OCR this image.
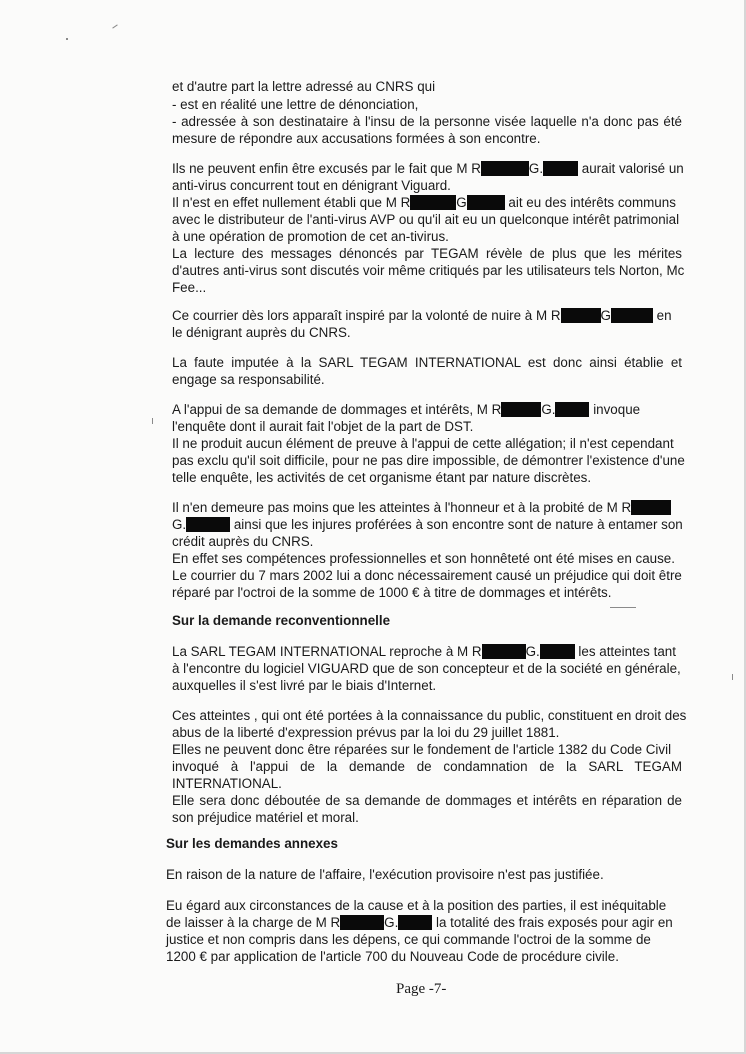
et d'autre part la lettre adressé au CNRS qui
- est en réalité une lettre de dénonciation,
- adressée à son destinataire à l'insu de la personne visée laquelle n'a donc pas été
mesure de répondre aux accusations formées à son encontre.
Ils ne peuvent enfin être excusés par le fait que M R	G.	aurait valorisé un
anti-virus concurrent tout en dénigrant Viguard.
Il n'est en effet nullement établi que M R	G	ait eu des intérêts communs
avec le distributeur de l'anti-virus AVP ou qu'il ait eu un quelconque intérêt patrimonial
à une opération de promotion de cet an-tivirus.
La lecture des messages dénoncés par TEGAM révèle de plus que les mérites
d'autres anti-virus sont discutés voir même critiqués par les utilisateurs tels Norton, Mc
Fee...
Ce courrier dès lors apparaît inspiré par la volonté de nuire à M R	G	en
le dénigrant auprès du CNRS.
La faute imputée à la SARL TEGAM INTERNATIONAL est donc ainsi établie et
engage sa responsabilité.
A l'appui de sa demande de dommages et intérêts, M R	G.	invoque
l'enquête dont il aurait fait l'objet de la part de DST.
Il ne produit aucun élément de preuve à l'appui de cette allégation; il n'est cependant
pas exclu qu'il soit difficile, pour ne pas dire impossible, de démontrer l'existence d'une
telle enquête, les activités de cet organisme étant par nature discrètes.
Il n'en demeure pas moins que les atteintes à l'honneur et à la probité de M R
G.	ainsi que les injures proférées à son encontre sont de nature à entamer son
crédit auprès du CNRS.
En effet ses compétences professionnelles et son honnêteté ont été mises en cause.
Le courrier du 7 mars 2002 lui a donc nécessairement causé un préjudice qui doit être
réparé par l'octroi de la somme de 1000 € à titre de dommages et intérêts.
Sur la demande reconventionnelle
La SARL TEGAM INTERNATIONAL reproche à M R	G.	les atteintes tant
à l'encontre du logiciel VIGUARD que de son concepteur et de la société en générale,
auxquelles il s'est livré par le biais d'Internet.
Ces atteintes , qui ont été portées à la connaissance du public, constituent en droit des
abus de la liberté d'expression prévus par la loi du 29 juillet 1881.
Elles ne peuvent donc être réparées sur le fondement de l'article 1382 du Code Civil
invoqué à l'appui de la demande de condamnation de la SARL TEGAM
INTERNATIONAL.
Elle sera donc déboutée de sa demande de dommages et intérêts en réparation de
son préjudice matériel et moral.
Sur les demandes annexes
En raison de la nature de l'affaire, l'exécution provisoire n'est pas justifiée.
Eu égard aux circonstances de la cause et à la position des parties, il est inéquitable
de laisser à la charge de M R	G.	la totalité des frais exposés pour agir en
justice et non compris dans les dépens, ce qui commande l'octroi de la somme de
1200 € par application de l'article 700 du Nouveau Code de procédure civile.
Page -7-
